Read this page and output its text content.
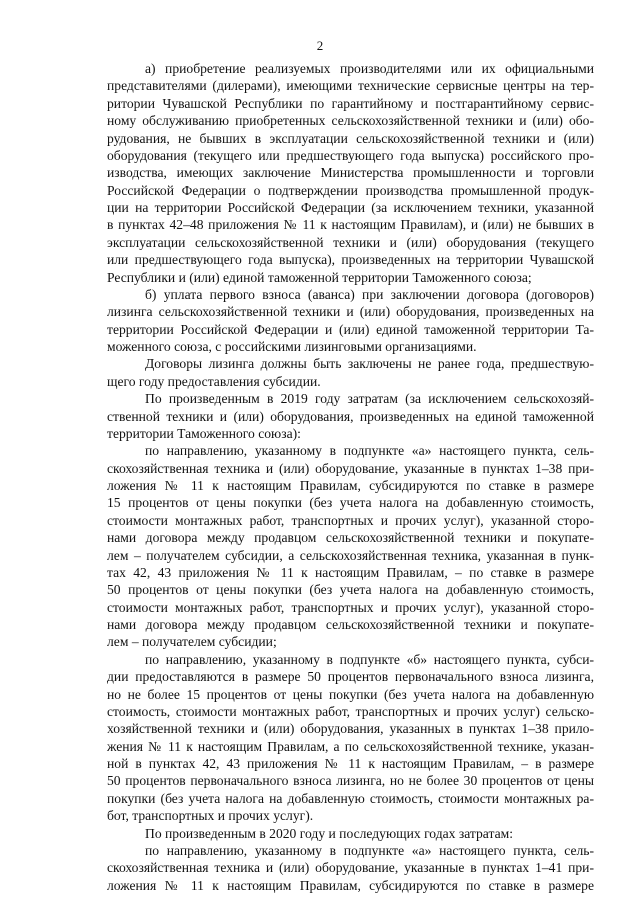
2
а) приобретение реализуемых производителями или их официальными
представителями (дилерами), имеющими технические сервисные центры на тер-
ритории Чувашской Республики по гарантийному и постгарантийному сервис-
ному обслуживанию приобретенных сельскохозяйственной техники и (или) обо-
рудования, не бывших в эксплуатации сельскохозяйственной техники и (или)
оборудования (текущего или предшествующего года выпуска) российского про-
изводства, имеющих заключение Министерства промышленности и торговли
Российской Федерации о подтверждении производства промышленной продук-
ции на территории Российской Федерации (за исключением техники, указанной
в пунктах 42–48 приложения № 11 к настоящим Правилам), и (или) не бывших в
эксплуатации сельскохозяйственной техники и (или) оборудования (текущего
или предшествующего года выпуска), произведенных на территории Чувашской
Республики и (или) единой таможенной территории Таможенного союза;
б) уплата первого взноса (аванса) при заключении договора (договоров)
лизинга сельскохозяйственной техники и (или) оборудования, произведенных на
территории Российской Федерации и (или) единой таможенной территории Та-
моженного союза, с российскими лизинговыми организациями.
Договоры лизинга должны быть заключены не ранее года, предшествую-
щего году предоставления субсидии.
По произведенным в 2019 году затратам (за исключением сельскохозяй-
ственной техники и (или) оборудования, произведенных на единой таможенной
территории Таможенного союза):
по направлению, указанному в подпункте «а» настоящего пункта, сель-
скохозяйственная техника и (или) оборудование, указанные в пунктах 1–38 при-
ложения № 11 к настоящим Правилам, субсидируются по ставке в размере
15 процентов от цены покупки (без учета налога на добавленную стоимость,
стоимости монтажных работ, транспортных и прочих услуг), указанной сторо-
нами договора между продавцом сельскохозяйственной техники и покупате-
лем – получателем субсидии, а сельскохозяйственная техника, указанная в пунк-
тах 42, 43 приложения № 11 к настоящим Правилам, – по ставке в размере
50 процентов от цены покупки (без учета налога на добавленную стоимость,
стоимости монтажных работ, транспортных и прочих услуг), указанной сторо-
нами договора между продавцом сельскохозяйственной техники и покупате-
лем – получателем субсидии;
по направлению, указанному в подпункте «б» настоящего пункта, субси-
дии предоставляются в размере 50 процентов первоначального взноса лизинга,
но не более 15 процентов от цены покупки (без учета налога на добавленную
стоимость, стоимости монтажных работ, транспортных и прочих услуг) сельско-
хозяйственной техники и (или) оборудования, указанных в пунктах 1–38 прило-
жения № 11 к настоящим Правилам, а по сельскохозяйственной технике, указан-
ной в пунктах 42, 43 приложения № 11 к настоящим Правилам, – в размере
50 процентов первоначального взноса лизинга, но не более 30 процентов от цены
покупки (без учета налога на добавленную стоимость, стоимости монтажных ра-
бот, транспортных и прочих услуг).
По произведенным в 2020 году и последующих годах затратам:
по направлению, указанному в подпункте «а» настоящего пункта, сель-
скохозяйственная техника и (или) оборудование, указанные в пунктах 1–41 при-
ложения № 11 к настоящим Правилам, субсидируются по ставке в размере
